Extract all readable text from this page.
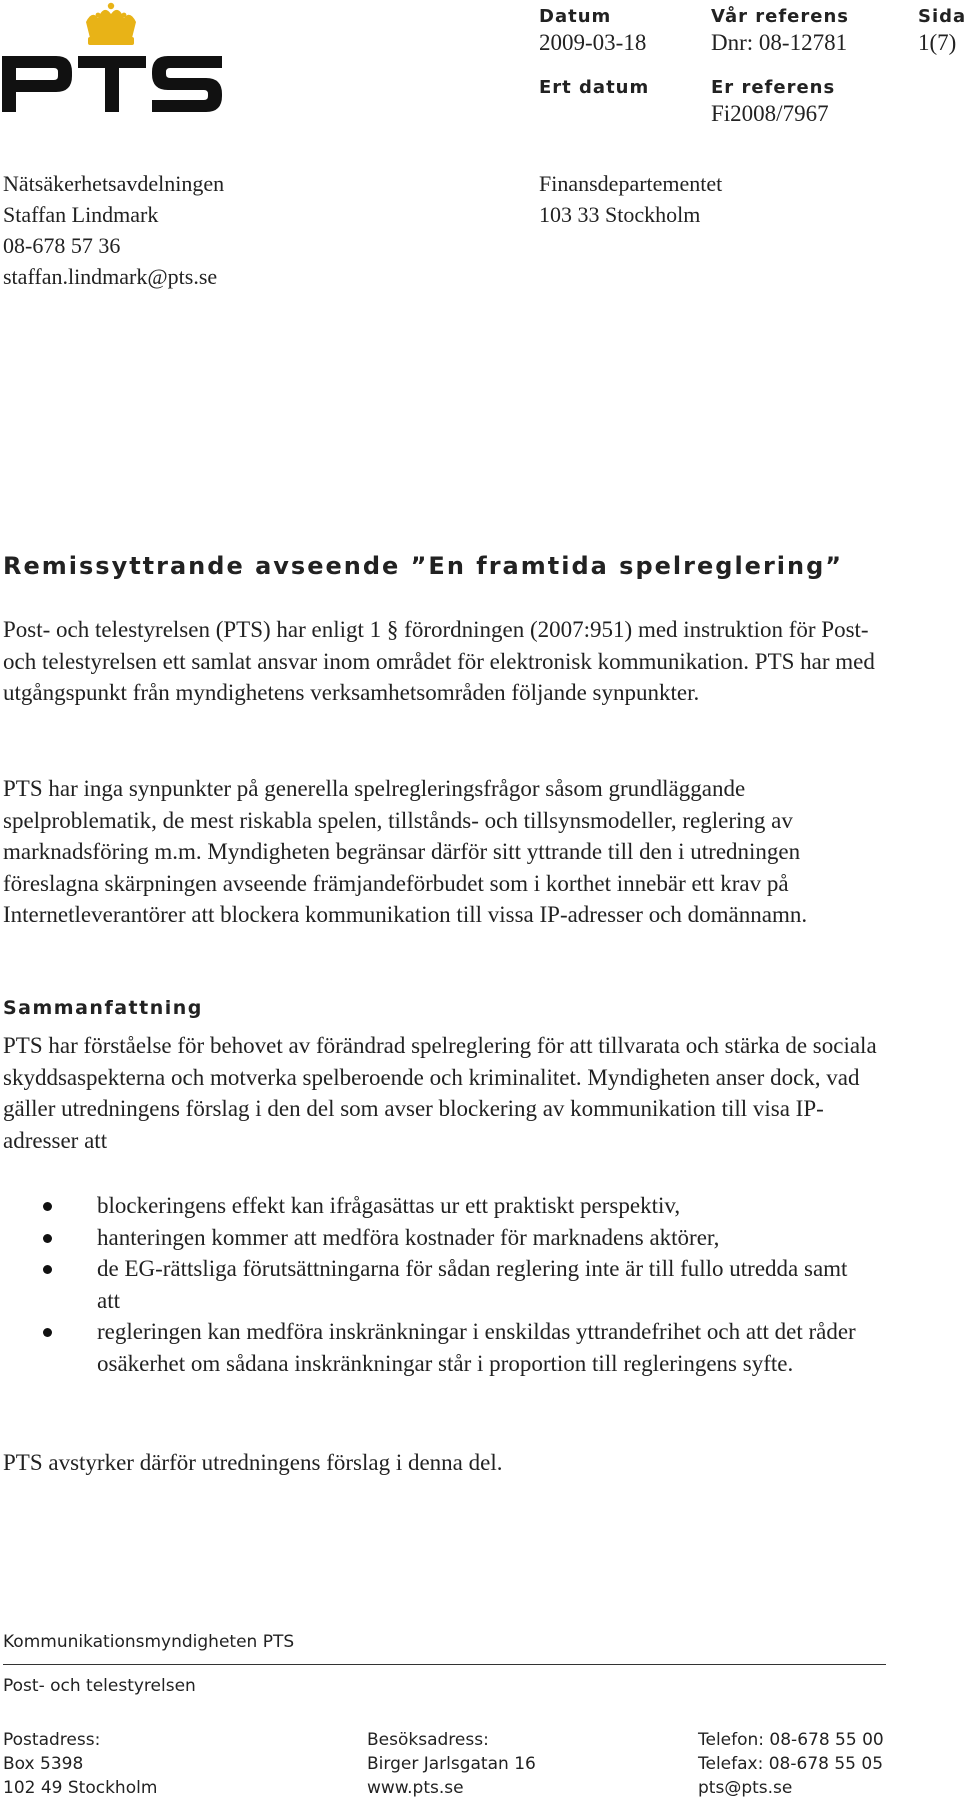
Datum
2009-03-18
Vår referens
Dnr: 08-12781
Sida
1(7)
Ert datum	Er referens
Fi2008/7967
Nätsäkerhetsavdelningen
Staffan Lindmark
08-678 57 36
staffan.lindmark@pts.se
Finansdepartementet
103 33 Stockholm
Remissyttrande avseende ”En framtida spelreglering”
Post- och telestyrelsen (PTS) har enligt 1 § förordningen (2007:951) med instruktion för Post- och telestyrelsen ett samlat ansvar inom området för elektronisk kommunikation. PTS har med utgångspunkt från myndighetens verksamhetsområden följande synpunkter.
PTS har inga synpunkter på generella spelregleringsfrågor såsom grundläggande spelproblematik, de mest riskabla spelen, tillstånds- och tillsynsmodeller, reglering av marknadsföring m.m. Myndigheten begränsar därför sitt yttrande till den i utredningen föreslagna skärpningen avseende främjandeförbudet som i korthet innebär ett krav på Internetleverantörer att blockera kommunikation till vissa IP-adresser och domännamn.
Sammanfattning
PTS har förståelse för behovet av förändrad spelreglering för att tillvarata och stärka de sociala skyddsaspekterna och motverka spelberoende och kriminalitet. Myndigheten anser dock, vad gäller utredningens förslag i den del som avser blockering av kommunikation till visa IP-adresser att
blockeringens effekt kan ifrågasättas ur ett praktiskt perspektiv,
hanteringen kommer att medföra kostnader för marknadens aktörer,
de EG-rättsliga förutsättningarna för sådan reglering inte är till fullo utredda samt att
regleringen kan medföra inskränkningar i enskildas yttrandefrihet och att det råder osäkerhet om sådana inskränkningar står i proportion till regleringens syfte.
PTS avstyrker därför utredningens förslag i denna del.
Kommunikationsmyndigheten PTS
Post- och telestyrelsen
Postadress:
Box 5398
102 49 Stockholm
Besöksadress:
Birger Jarlsgatan 16
www.pts.se
Telefon: 08-678 55 00
Telefax: 08-678 55 05
pts@pts.se
